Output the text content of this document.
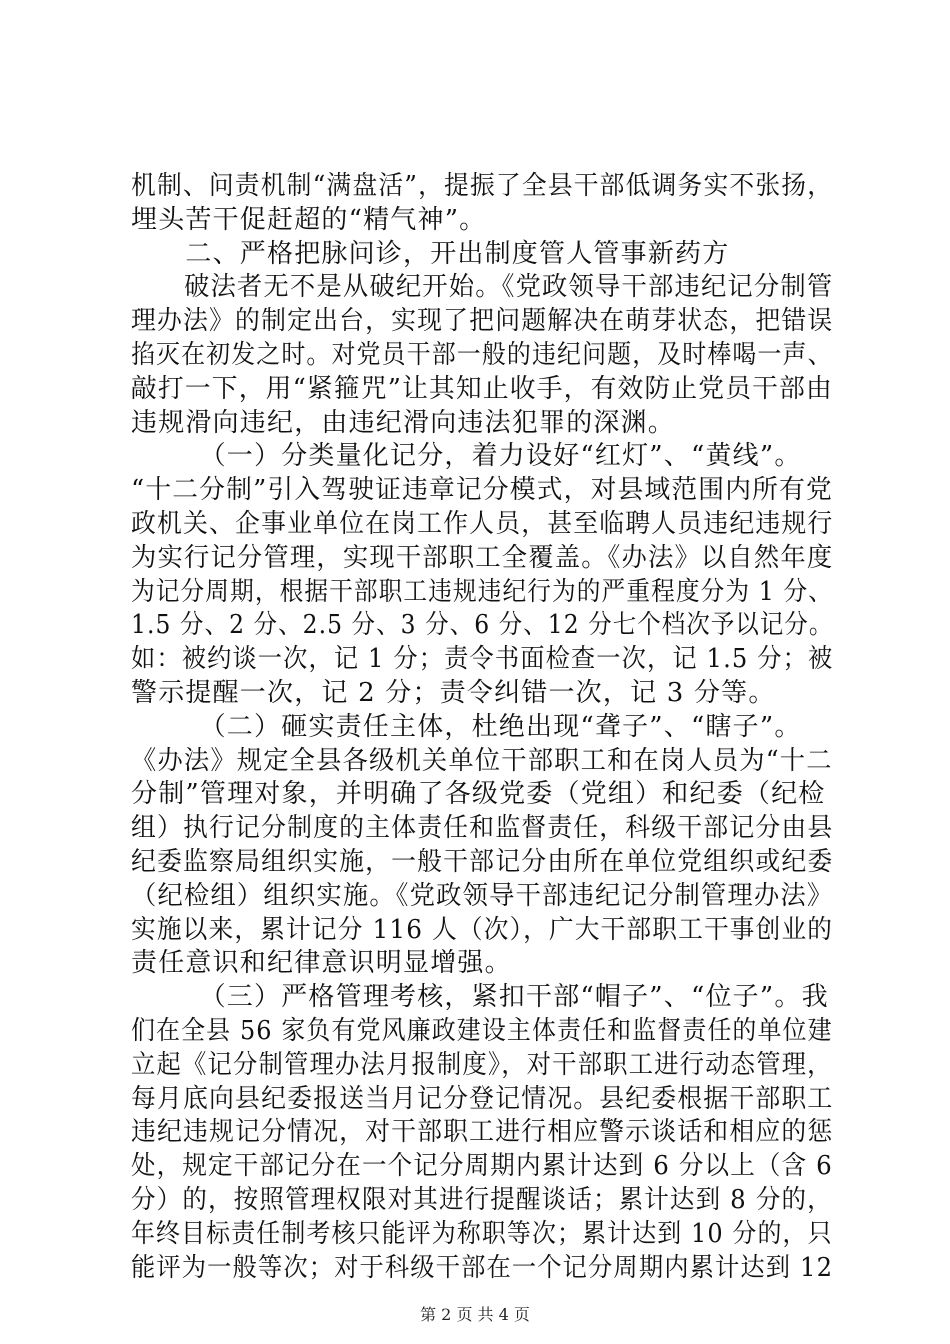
机制、问责机制“满盘活”，提振了全县干部低调务实不张扬，
埋头苦干促赶超的“精气神”。
　　二、严格把脉问诊，开出制度管人管事新药方
　　破法者无不是从破纪开始。《党政领导干部违纪记分制管
理办法》的制定出台，实现了把问题解决在萌芽状态，把错误
掐灭在初发之时。对党员干部一般的违纪问题，及时棒喝一声、
敲打一下，用“紧箍咒”让其知止收手，有效防止党员干部由
违规滑向违纪，由违纪滑向违法犯罪的深渊。
　　　（一）分类量化记分，着力设好“红灯”、“黄线”。
“十二分制”引入驾驶证违章记分模式，对县域范围内所有党
政机关、企事业单位在岗工作人员，甚至临聘人员违纪违规行
为实行记分管理，实现干部职工全覆盖。《办法》以自然年度
为记分周期，根据干部职工违规违纪行为的严重程度分为 1 分、
1.5 分、2 分、2.5 分、3 分、6 分、12 分七个档次予以记分。
如：被约谈一次，记 1 分；责令书面检查一次，记 1.5 分；被
警示提醒一次，记 2 分；责令纠错一次，记 3 分等。
　　　（二）砸实责任主体，杜绝出现“聋子”、“瞎子”。
《办法》规定全县各级机关单位干部职工和在岗人员为“十二
分制”管理对象，并明确了各级党委（党组）和纪委（纪检
组）执行记分制度的主体责任和监督责任，科级干部记分由县
纪委监察局组织实施，一般干部记分由所在单位党组织或纪委
（纪检组）组织实施。《党政领导干部违纪记分制管理办法》
实施以来，累计记分 116 人（次），广大干部职工干事创业的
责任意识和纪律意识明显增强。
　　　（三）严格管理考核，紧扣干部“帽子”、“位子”。我
们在全县 56 家负有党风廉政建设主体责任和监督责任的单位建
立起《记分制管理办法月报制度》，对干部职工进行动态管理，
每月底向县纪委报送当月记分登记情况。县纪委根据干部职工
违纪违规记分情况，对干部职工进行相应警示谈话和相应的惩
处，规定干部记分在一个记分周期内累计达到 6 分以上（含 6
分）的，按照管理权限对其进行提醒谈话；累计达到 8 分的，
年终目标责任制考核只能评为称职等次；累计达到 10 分的，只
能评为一般等次；对于科级干部在一个记分周期内累计达到 12
第 2 页 共 4 页
